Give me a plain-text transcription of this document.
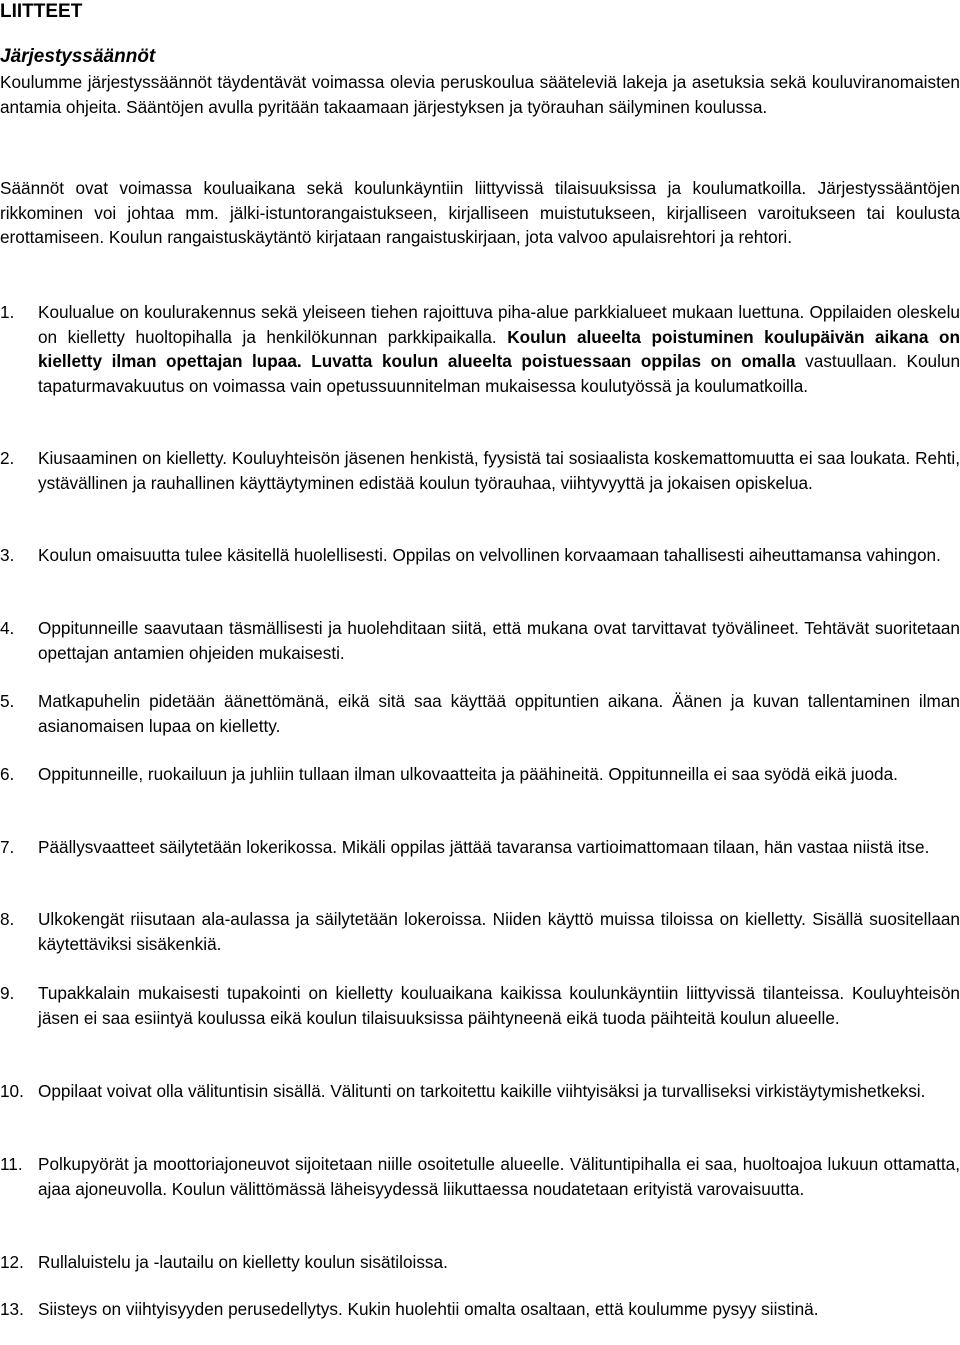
LIITTEET
Järjestyssäännöt

Koulumme järjestyssäännöt täydentävät voimassa olevia peruskoulua sääteleviä lakeja ja asetuksia sekä kouluviranomaisten antamia ohjeita. Sääntöjen avulla pyritään takaamaan järjestyksen ja työrauhan säilyminen koulussa.

Säännöt ovat voimassa kouluaikana sekä koulunkäyntiin liittyvissä tilaisuuksissa ja koulumatkoilla. Järjestyssääntöjen rikkominen voi johtaa mm. jälki-istuntorangaistukseen, kirjalliseen muistutukseen, kirjalliseen varoitukseen tai koulusta erottamiseen. Koulun rangaistuskäytäntö kirjataan rangaistuskirjaan, jota valvoo apulaisrehtori ja rehtori.

1.	Koulualue on koulurakennus sekä yleiseen tiehen rajoittuva piha-alue parkkialueet mukaan luettuna. Oppilaiden oleskelu on kielletty huoltopihalla ja henkilökunnan parkkipaikalla. Koulun alueelta poistuminen koulupäivän aikana on kielletty ilman opettajan lupaa. Luvatta koulun alueelta poistuessaan oppilas on omalla vastuullaan. Koulun tapaturmavakuutus on voimassa vain opetussuunnitelman mukaisessa koulutyössä ja koulumatkoilla.
2.	Kiusaaminen on kielletty. Kouluyhteisön jäsenen henkistä, fyysistä tai sosiaalista koskemattomuutta ei saa loukata. Rehti, ystävällinen ja rauhallinen käyttäytyminen edistää koulun työrauhaa, viihtyvyyttä ja jokaisen opiskelua.
3.	Koulun omaisuutta tulee käsitellä huolellisesti. Oppilas on velvollinen korvaamaan tahallisesti aiheuttamansa vahingon.
4.	Oppitunneille saavutaan täsmällisesti ja huolehditaan siitä, että mukana ovat tarvittavat työvälineet. Tehtävät suoritetaan opettajan antamien ohjeiden mukaisesti.
5.	Matkapuhelin pidetään äänettömänä, eikä sitä saa käyttää oppituntien aikana. Äänen ja kuvan tallentaminen ilman asianomaisen lupaa on kielletty.
6.	Oppitunneille, ruokailuun ja juhliin tullaan ilman ulkovaatteita ja päähineitä. Oppitunneilla ei saa syödä eikä juoda.
7.	Päällysvaatteet säilytetään lokerikossa. Mikäli oppilas jättää tavaransa vartioimattomaan tilaan, hän vastaa niistä itse.
8.	Ulkokengät riisutaan ala-aulassa ja säilytetään lokeroissa. Niiden käyttö muissa tiloissa on kielletty. Sisällä suositellaan käytettäviksi sisäkenkiä.
9.	Tupakkalain mukaisesti tupakointi on kielletty kouluaikana kaikissa koulunkäyntiin liittyvissä tilanteissa. Kouluyhteisön jäsen ei saa esiintyä koulussa eikä koulun tilaisuuksissa päihtyneenä eikä tuoda päihteitä koulun alueelle.
10. Oppilaat voivat olla välituntisin sisällä. Välitunti on tarkoitettu kaikille viihtyisäksi ja turvalliseksi virkistäytymishetkeksi.
11. Polkupyörät ja moottoriajoneuvot sijoitetaan niille osoitetulle alueelle. Välituntipihalla ei saa, huoltoajoa lukuun ottamatta, ajaa ajoneuvolla. Koulun välittömässä läheisyydessä liikuttaessa noudatetaan erityistä varovaisuutta.
12. Rullaluistelu ja -lautailu on kielletty koulun sisätiloissa.
13. Siisteys on viihtyisyyden perusedellytys. Kukin huolehtii omalta osaltaan, että koulumme pysyy siistinä.
